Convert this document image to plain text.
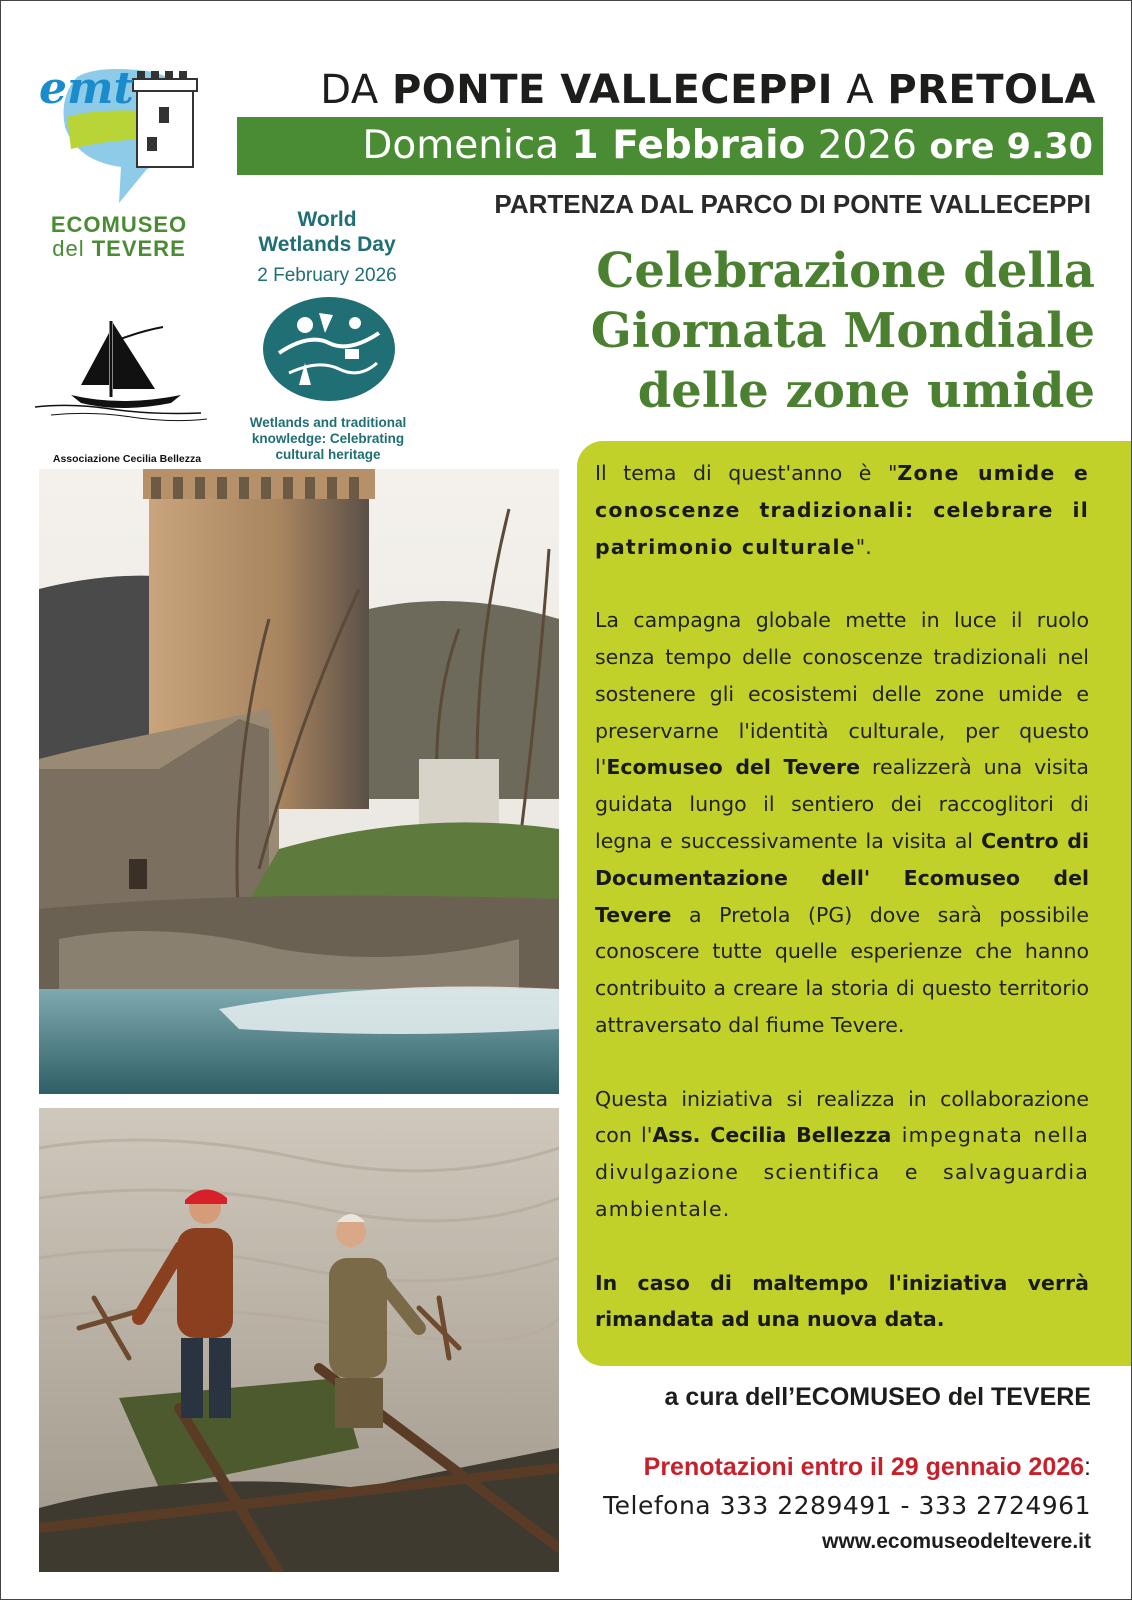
emt
ECOMUSEO
del TEVERE
World
Wetlands Day
2 February 2026
Wetlands and traditional
knowledge: Celebrating
cultural heritage
Associazione Cecilia Bellezza
DA PONTE VALLECEPPI A PRETOLA
Domenica 1 Febbraio 2026 ore 9.30
PARTENZA DAL PARCO DI PONTE VALLECEPPI
Celebrazione della
Giornata Mondiale
delle zone umide

Il tema di quest'anno è "Zone umide e conoscenze tradizionali: celebrare il patrimonio culturale".

La campagna globale mette in luce il ruolo senza tempo delle conoscenze tradizionali nel sostenere gli ecosistemi delle zone umide e preservarne l'identità culturale, per questo l'Ecomuseo del Tevere realizzerà una visita guidata lungo il sentiero dei raccoglitori di legna e successivamente la visita al Centro di Documentazione dell' Ecomuseo del Tevere a Pretola (PG) dove sarà possibile conoscere tutte quelle esperienze che hanno contribuito a creare la storia di questo territorio attraversato dal fiume Tevere.

Questa iniziativa si realizza in collaborazione con l'Ass. Cecilia Bellezza impegnata nella divulgazione scientifica e salvaguardia ambientale.

In caso di maltempo l'iniziativa verrà rimandata ad una nuova data.

a cura dell’ECOMUSEO del TEVERE
Prenotazioni entro il 29 gennaio 2026:
Telefona 333 2289491 - 333 2724961
www.ecomuseodeltevere.it
